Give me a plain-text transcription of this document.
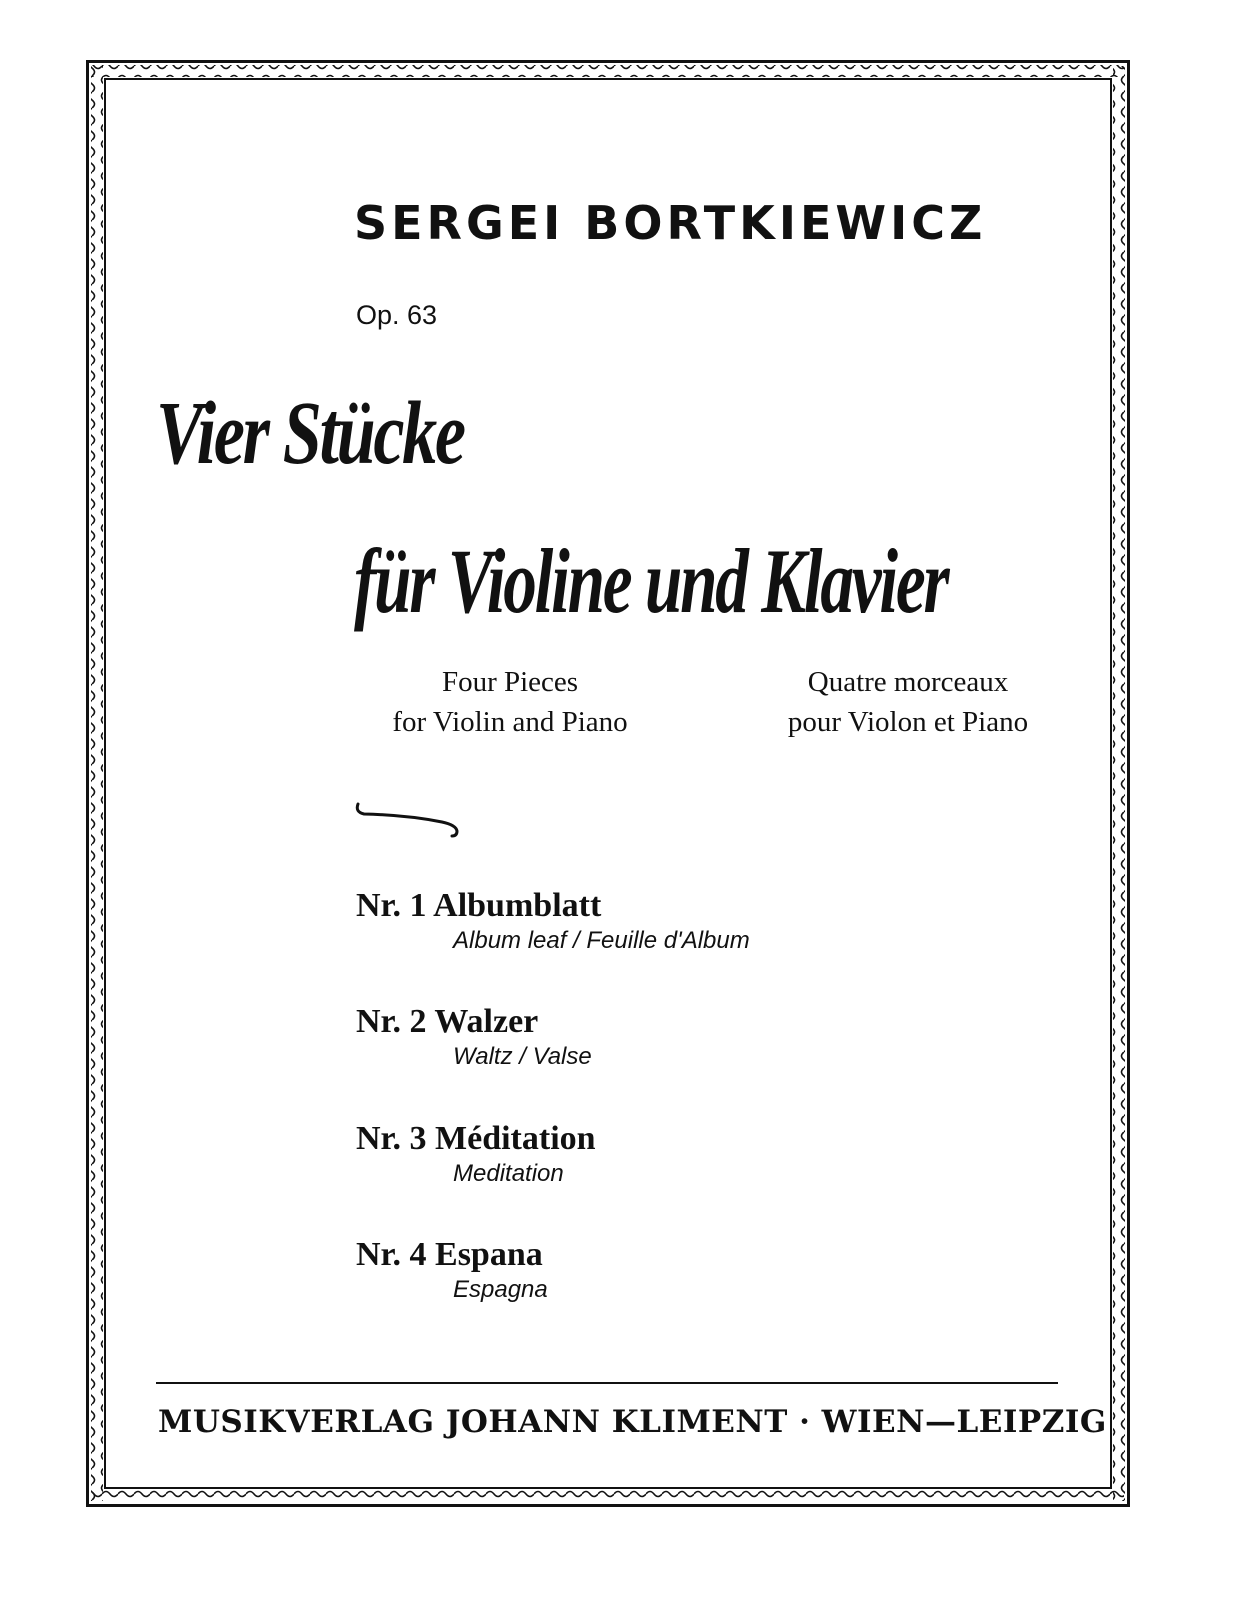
SERGEI BORTKIEWICZ
Op. 63
Vier Stücke
für Violine und Klavier
Four Pieces
for Violin and Piano
Quatre morceaux
pour Violon et Piano
Nr. 1 Albumblatt
Album leaf / Feuille d'Album
Nr. 2 Walzer
Waltz / Valse
Nr. 3 Méditation
Meditation
Nr. 4 Espana
Espagna
MUSIKVERLAG JOHANN KLIMENT · WIEN—LEIPZIG
